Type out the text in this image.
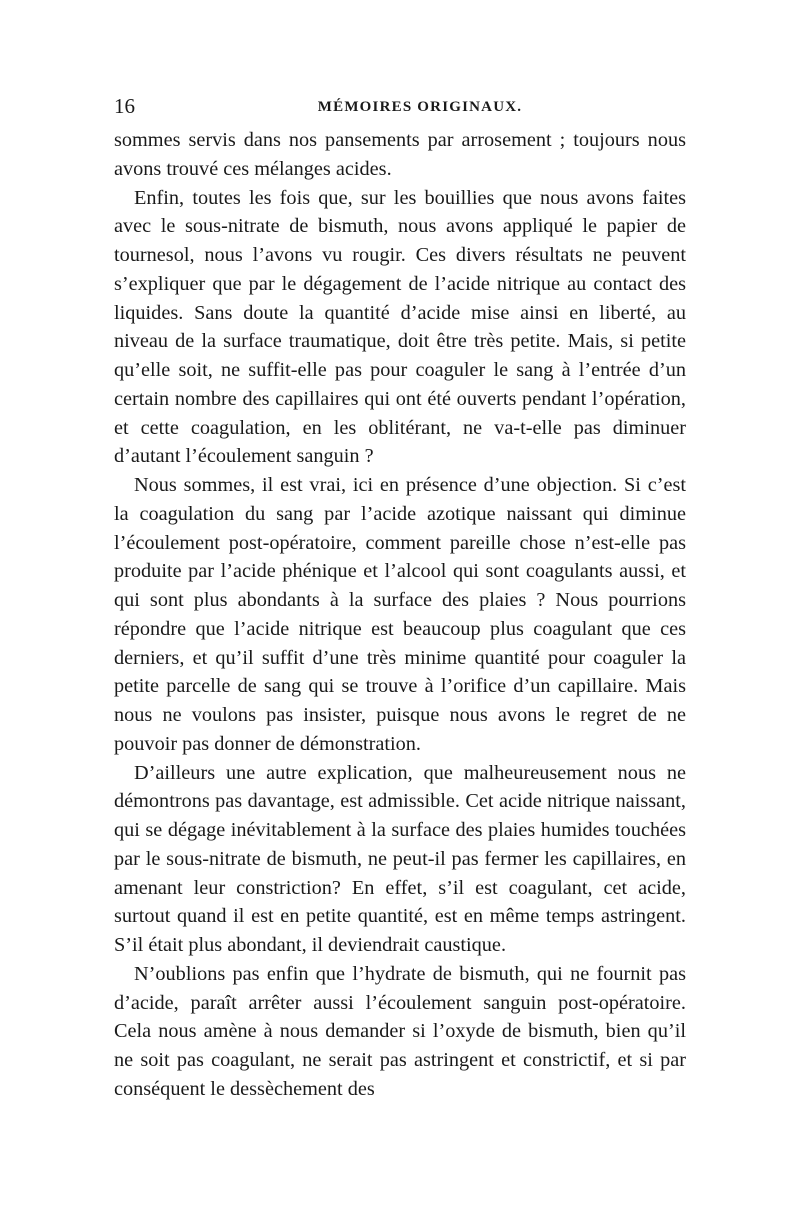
16	MÉMOIRES ORIGINAUX.

sommes servis dans nos pansements par arrosement ; toujours nous avons trouvé ces mélanges acides.

Enfin, toutes les fois que, sur les bouillies que nous avons faites avec le sous-nitrate de bismuth, nous avons appliqué le papier de tournesol, nous l’avons vu rougir. Ces divers résultats ne peuvent s’expliquer que par le dégagement de l’acide nitrique au contact des liquides. Sans doute la quantité d’acide mise ainsi en liberté, au niveau de la surface traumatique, doit être très petite. Mais, si petite qu’elle soit, ne suffit-elle pas pour coaguler le sang à l’entrée d’un certain nombre des capillaires qui ont été ouverts pendant l’opération, et cette coagulation, en les oblitérant, ne va-t-elle pas diminuer d’autant l’écoulement sanguin ?

Nous sommes, il est vrai, ici en présence d’une objection. Si c’est la coagulation du sang par l’acide azotique naissant qui diminue l’écoulement post-opératoire, comment pareille chose n’est-elle pas produite par l’acide phénique et l’alcool qui sont coagulants aussi, et qui sont plus abondants à la surface des plaies ? Nous pourrions répondre que l’acide nitrique est beaucoup plus coagulant que ces derniers, et qu’il suffit d’une très minime quantité pour coaguler la petite parcelle de sang qui se trouve à l’orifice d’un capillaire. Mais nous ne voulons pas insister, puisque nous avons le regret de ne pouvoir pas donner de démonstration.

D’ailleurs une autre explication, que malheureusement nous ne démontrons pas davantage, est admissible. Cet acide nitrique naissant, qui se dégage inévitablement à la surface des plaies humides touchées par le sous-nitrate de bismuth, ne peut-il pas fermer les capillaires, en amenant leur constriction? En effet, s’il est coagulant, cet acide, surtout quand il est en petite quantité, est en même temps astringent. S’il était plus abondant, il deviendrait caustique.

N’oublions pas enfin que l’hydrate de bismuth, qui ne fournit pas d’acide, paraît arrêter aussi l’écoulement sanguin post-opératoire. Cela nous amène à nous demander si l’oxyde de bismuth, bien qu’il ne soit pas coagulant, ne serait pas astringent et constrictif, et si par conséquent le dessèchement des
